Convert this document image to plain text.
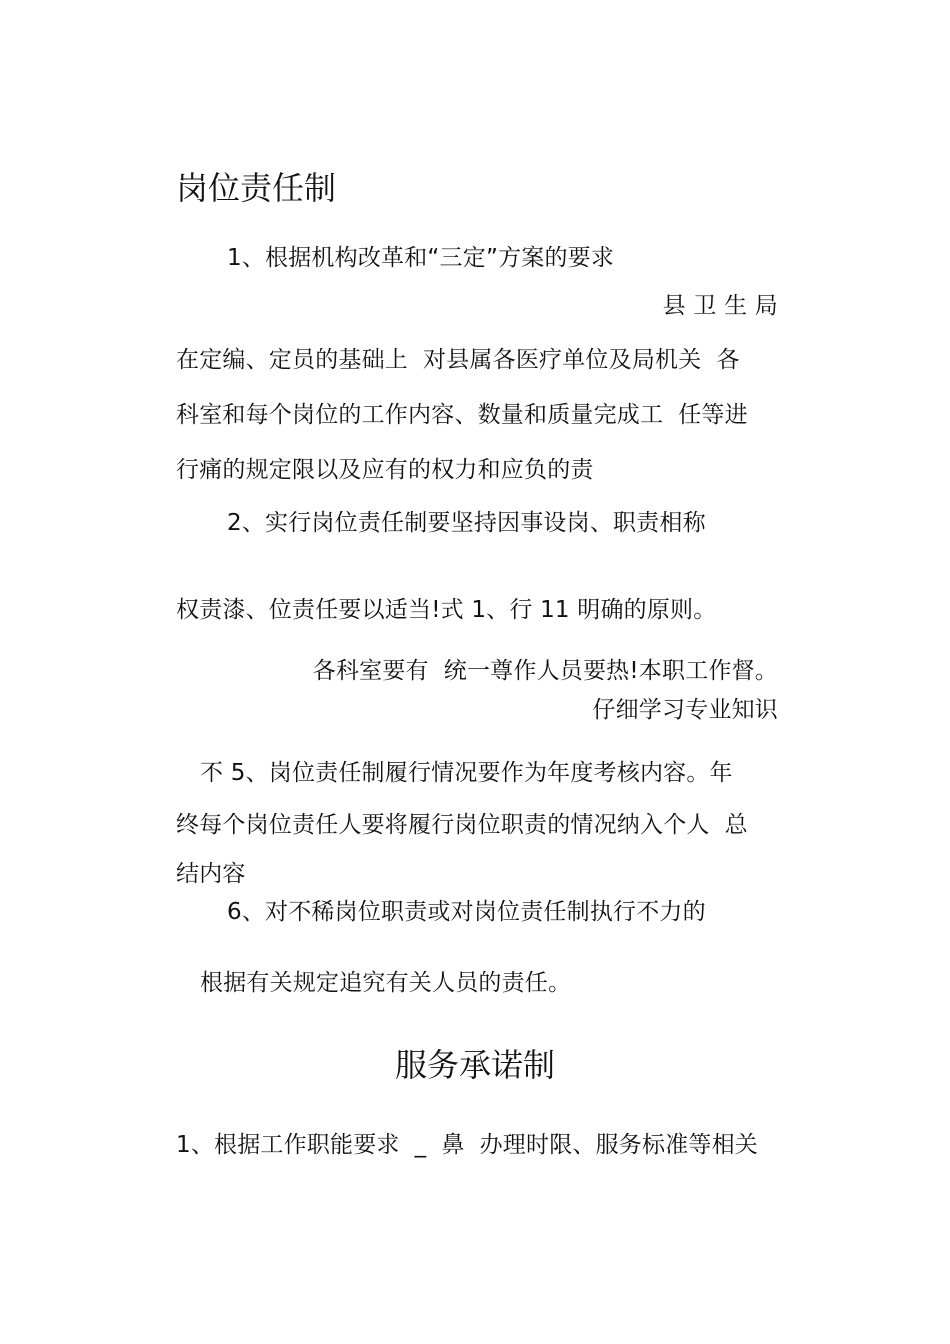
岗位责任制
1、根据机构改革和“三定”方案的要求
县 卫 生 局
在定编、定员的基础上  对县属各医疗单位及局机关  各
科室和每个岗位的工作内容、数量和质量完成工  任等进
行痛的规定限以及应有的权力和应负的责
2、实行岗位责任制要坚持因事设岗、职责相称
权责漆、位责任要以适当!式 1、行 11 明确的原则。
各科室要有  统一尊作人员要热!本职工作督。
仔细学习专业知识
不 5、岗位责任制履行情况要作为年度考核内容。年
终每个岗位责任人要将履行岗位职责的情况纳入个人  总
结内容
6、对不稀岗位职责或对岗位责任制执行不力的
根据有关规定追究有关人员的责任。
服务承诺制
1、根据工作职能要求  _  鼻  办理时限、服务标准等相关
